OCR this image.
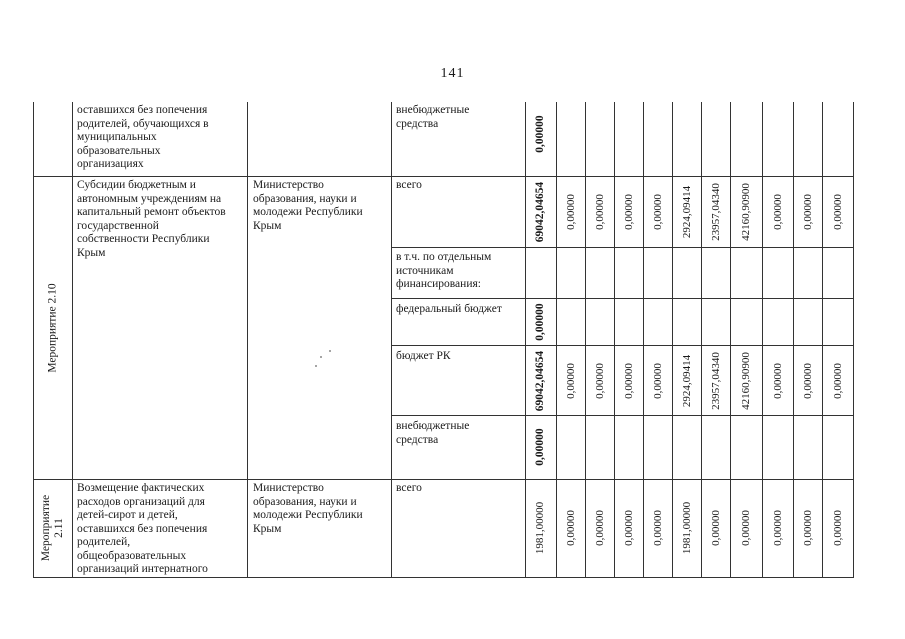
141
оставшихся без попечения
родителей, обучающихся в
муниципальных
образовательных
организациях
внебюджетные
средства	0,00000
Мероприятие 2.10
Субсидии бюджетным и
автономным учреждениям на
капитальный ремонт объектов
государственной
собственности Республики
Крым
Министерство
образования, науки и
молодежи Республики
Крым
всего
в т.ч. по отдельным
источникам
финансирования:
федеральный бюджет
бюджет РК
внебюджетные
средства
69042,04654 0,00000 0,00000 0,00000 0,00000 2924,09414 23957,04340 42160,90900 0,00000 0,00000 0,00000
0,00000
69042,04654 0,00000 0,00000 0,00000 0,00000 2924,09414 23957,04340 42160,90900 0,00000 0,00000 0,00000
0,00000
Мероприятие
2.11
Возмещение фактических
расходов организаций для
детей-сирот и детей,
оставшихся без попечения
родителей,
общеобразовательных
организаций интернатного
Министерство
образования, науки и
молодежи Республики
Крым
всего
1981,00000 0,00000 0,00000 0,00000 0,00000 1981,00000 0,00000 0,00000 0,00000 0,00000 0,00000
